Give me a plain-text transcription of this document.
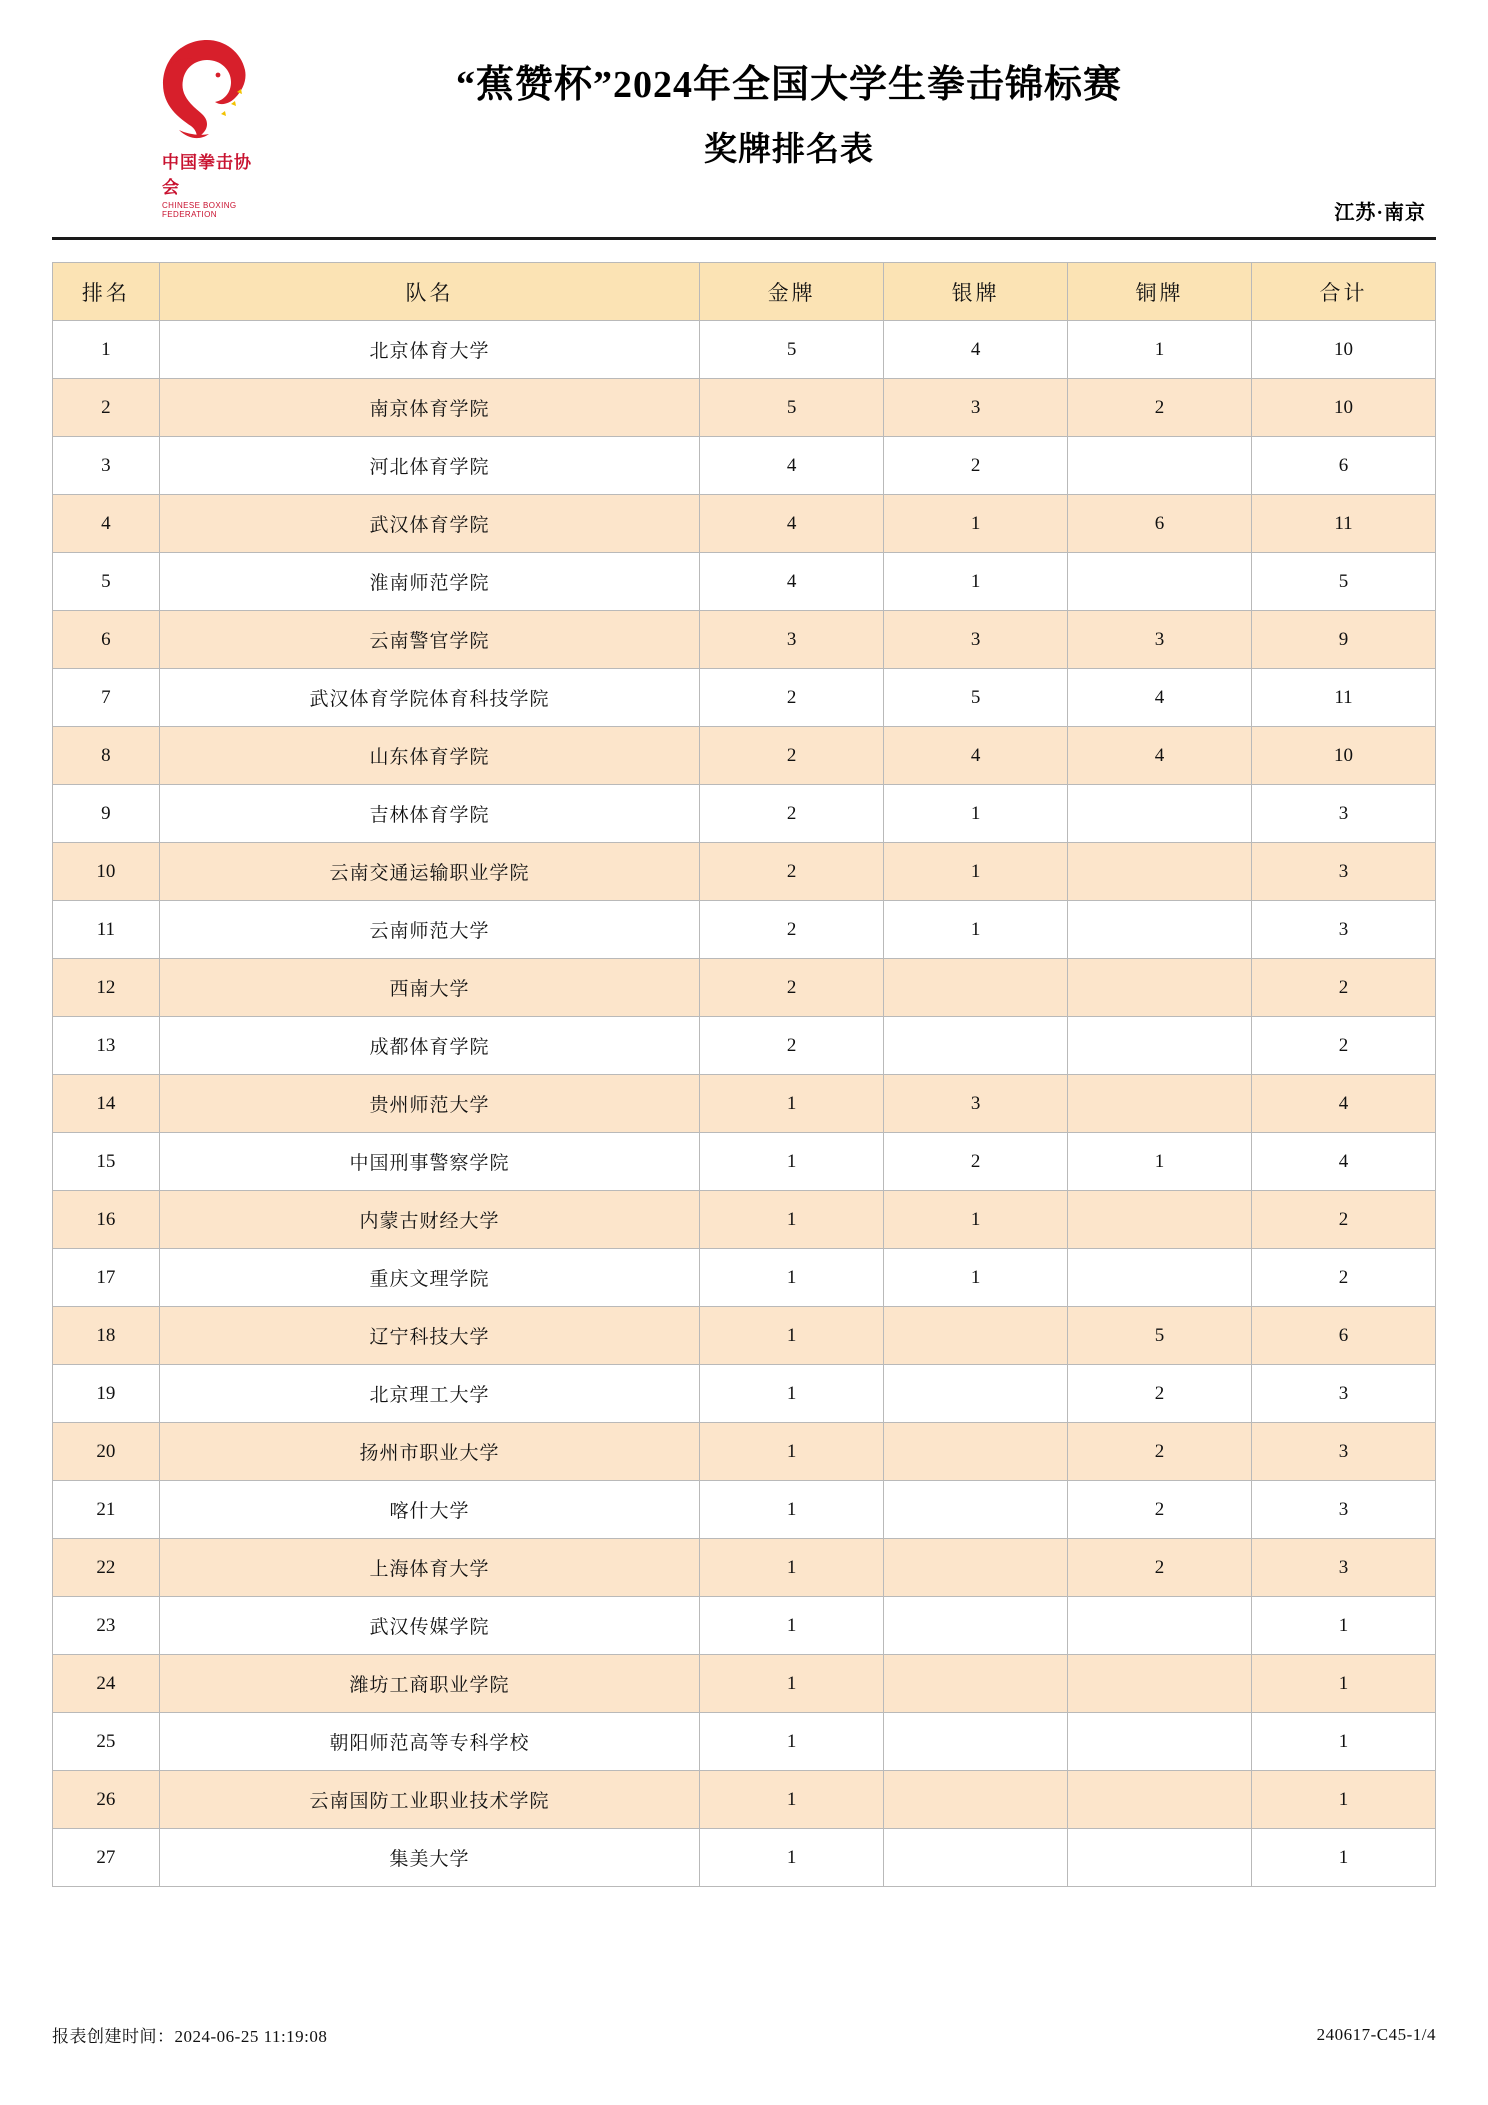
中国拳击协会
CHINESE BOXING FEDERATION
“蕉赞杯”2024年全国大学生拳击锦标赛
奖牌排名表
江苏·南京
排名	队名	金牌	银牌	铜牌	合计
1	北京体育大学	5	4	1	10
2	南京体育学院	5	3	2	10
3	河北体育学院	4	2		6
4	武汉体育学院	4	1	6	11
5	淮南师范学院	4	1		5
6	云南警官学院	3	3	3	9
7	武汉体育学院体育科技学院	2	5	4	11
8	山东体育学院	2	4	4	10
9	吉林体育学院	2	1		3
10	云南交通运输职业学院	2	1		3
11	云南师范大学	2	1		3
12	西南大学	2			2
13	成都体育学院	2			2
14	贵州师范大学	1	3		4
15	中国刑事警察学院	1	2	1	4
16	内蒙古财经大学	1	1		2
17	重庆文理学院	1	1		2
18	辽宁科技大学	1		5	6
19	北京理工大学	1		2	3
20	扬州市职业大学	1		2	3
21	喀什大学	1		2	3
22	上海体育大学	1		2	3
23	武汉传媒学院	1			1
24	潍坊工商职业学院	1			1
25	朝阳师范高等专科学校	1			1
26	云南国防工业职业技术学院	1			1
27	集美大学	1			1
报表创建时间：2024-06-25 11:19:08	240617-C45-1/4
